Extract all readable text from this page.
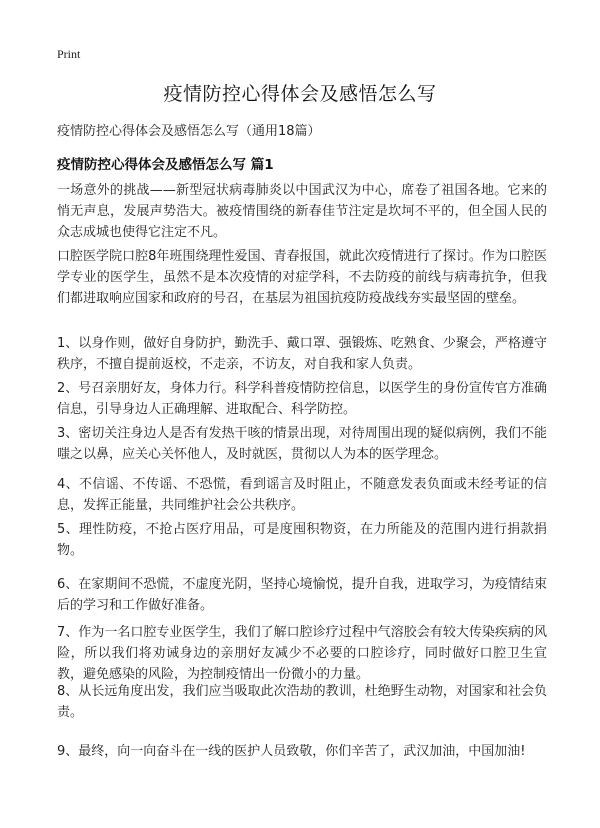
Print
疫情防控心得体会及感悟怎么写

疫情防控心得体会及感悟怎么写（通用18篇）

疫情防控心得体会及感悟怎么写 篇1

一场意外的挑战——新型冠状病毒肺炎以中国武汉为中心，席卷了祖国各地。它来的悄无声息，发展声势浩大。被疫情围绕的新春佳节注定是坎坷不平的，但全国人民的众志成城也使得它注定不凡。

口腔医学院口腔8年班围绕理性爱国、青春报国，就此次疫情进行了探讨。作为口腔医学专业的医学生，虽然不是本次疫情的对症学科，不去防疫的前线与病毒抗争，但我们都进取响应国家和政府的号召，在基层为祖国抗疫防疫战线夯实最坚固的壁垒。

1、以身作则，做好自身防护，勤洗手、戴口罩、强锻炼、吃熟食、少聚会，严格遵守秩序，不擅自提前返校，不走亲，不访友，对自我和家人负责。

2、号召亲朋好友，身体力行。科学科普疫情防控信息，以医学生的身份宣传官方准确信息，引导身边人正确理解、进取配合、科学防控。

3、密切关注身边人是否有发热干咳的情景出现，对待周围出现的疑似病例，我们不能嗤之以鼻，应关心关怀他人，及时就医，贯彻以人为本的医学理念。

4、不信谣、不传谣、不恐慌，看到谣言及时阻止，不随意发表负面或未经考证的信息，发挥正能量，共同维护社会公共秩序。

5、理性防疫，不抢占医疗用品，可是度囤积物资，在力所能及的范围内进行捐款捐物。

6、在家期间不恐慌，不虚度光阴，坚持心境愉悦，提升自我，进取学习，为疫情结束后的学习和工作做好准备。

7、作为一名口腔专业医学生，我们了解口腔诊疗过程中气溶胶会有较大传染疾病的风险，所以我们将劝诫身边的亲朋好友减少不必要的口腔诊疗，同时做好口腔卫生宣教，避免感染的风险，为控制疫情出一份微小的力量。

8、从长远角度出发，我们应当吸取此次浩劫的教训，杜绝野生动物，对国家和社会负责。

9、最终，向一向奋斗在一线的医护人员致敬，你们辛苦了，武汉加油，中国加油!
